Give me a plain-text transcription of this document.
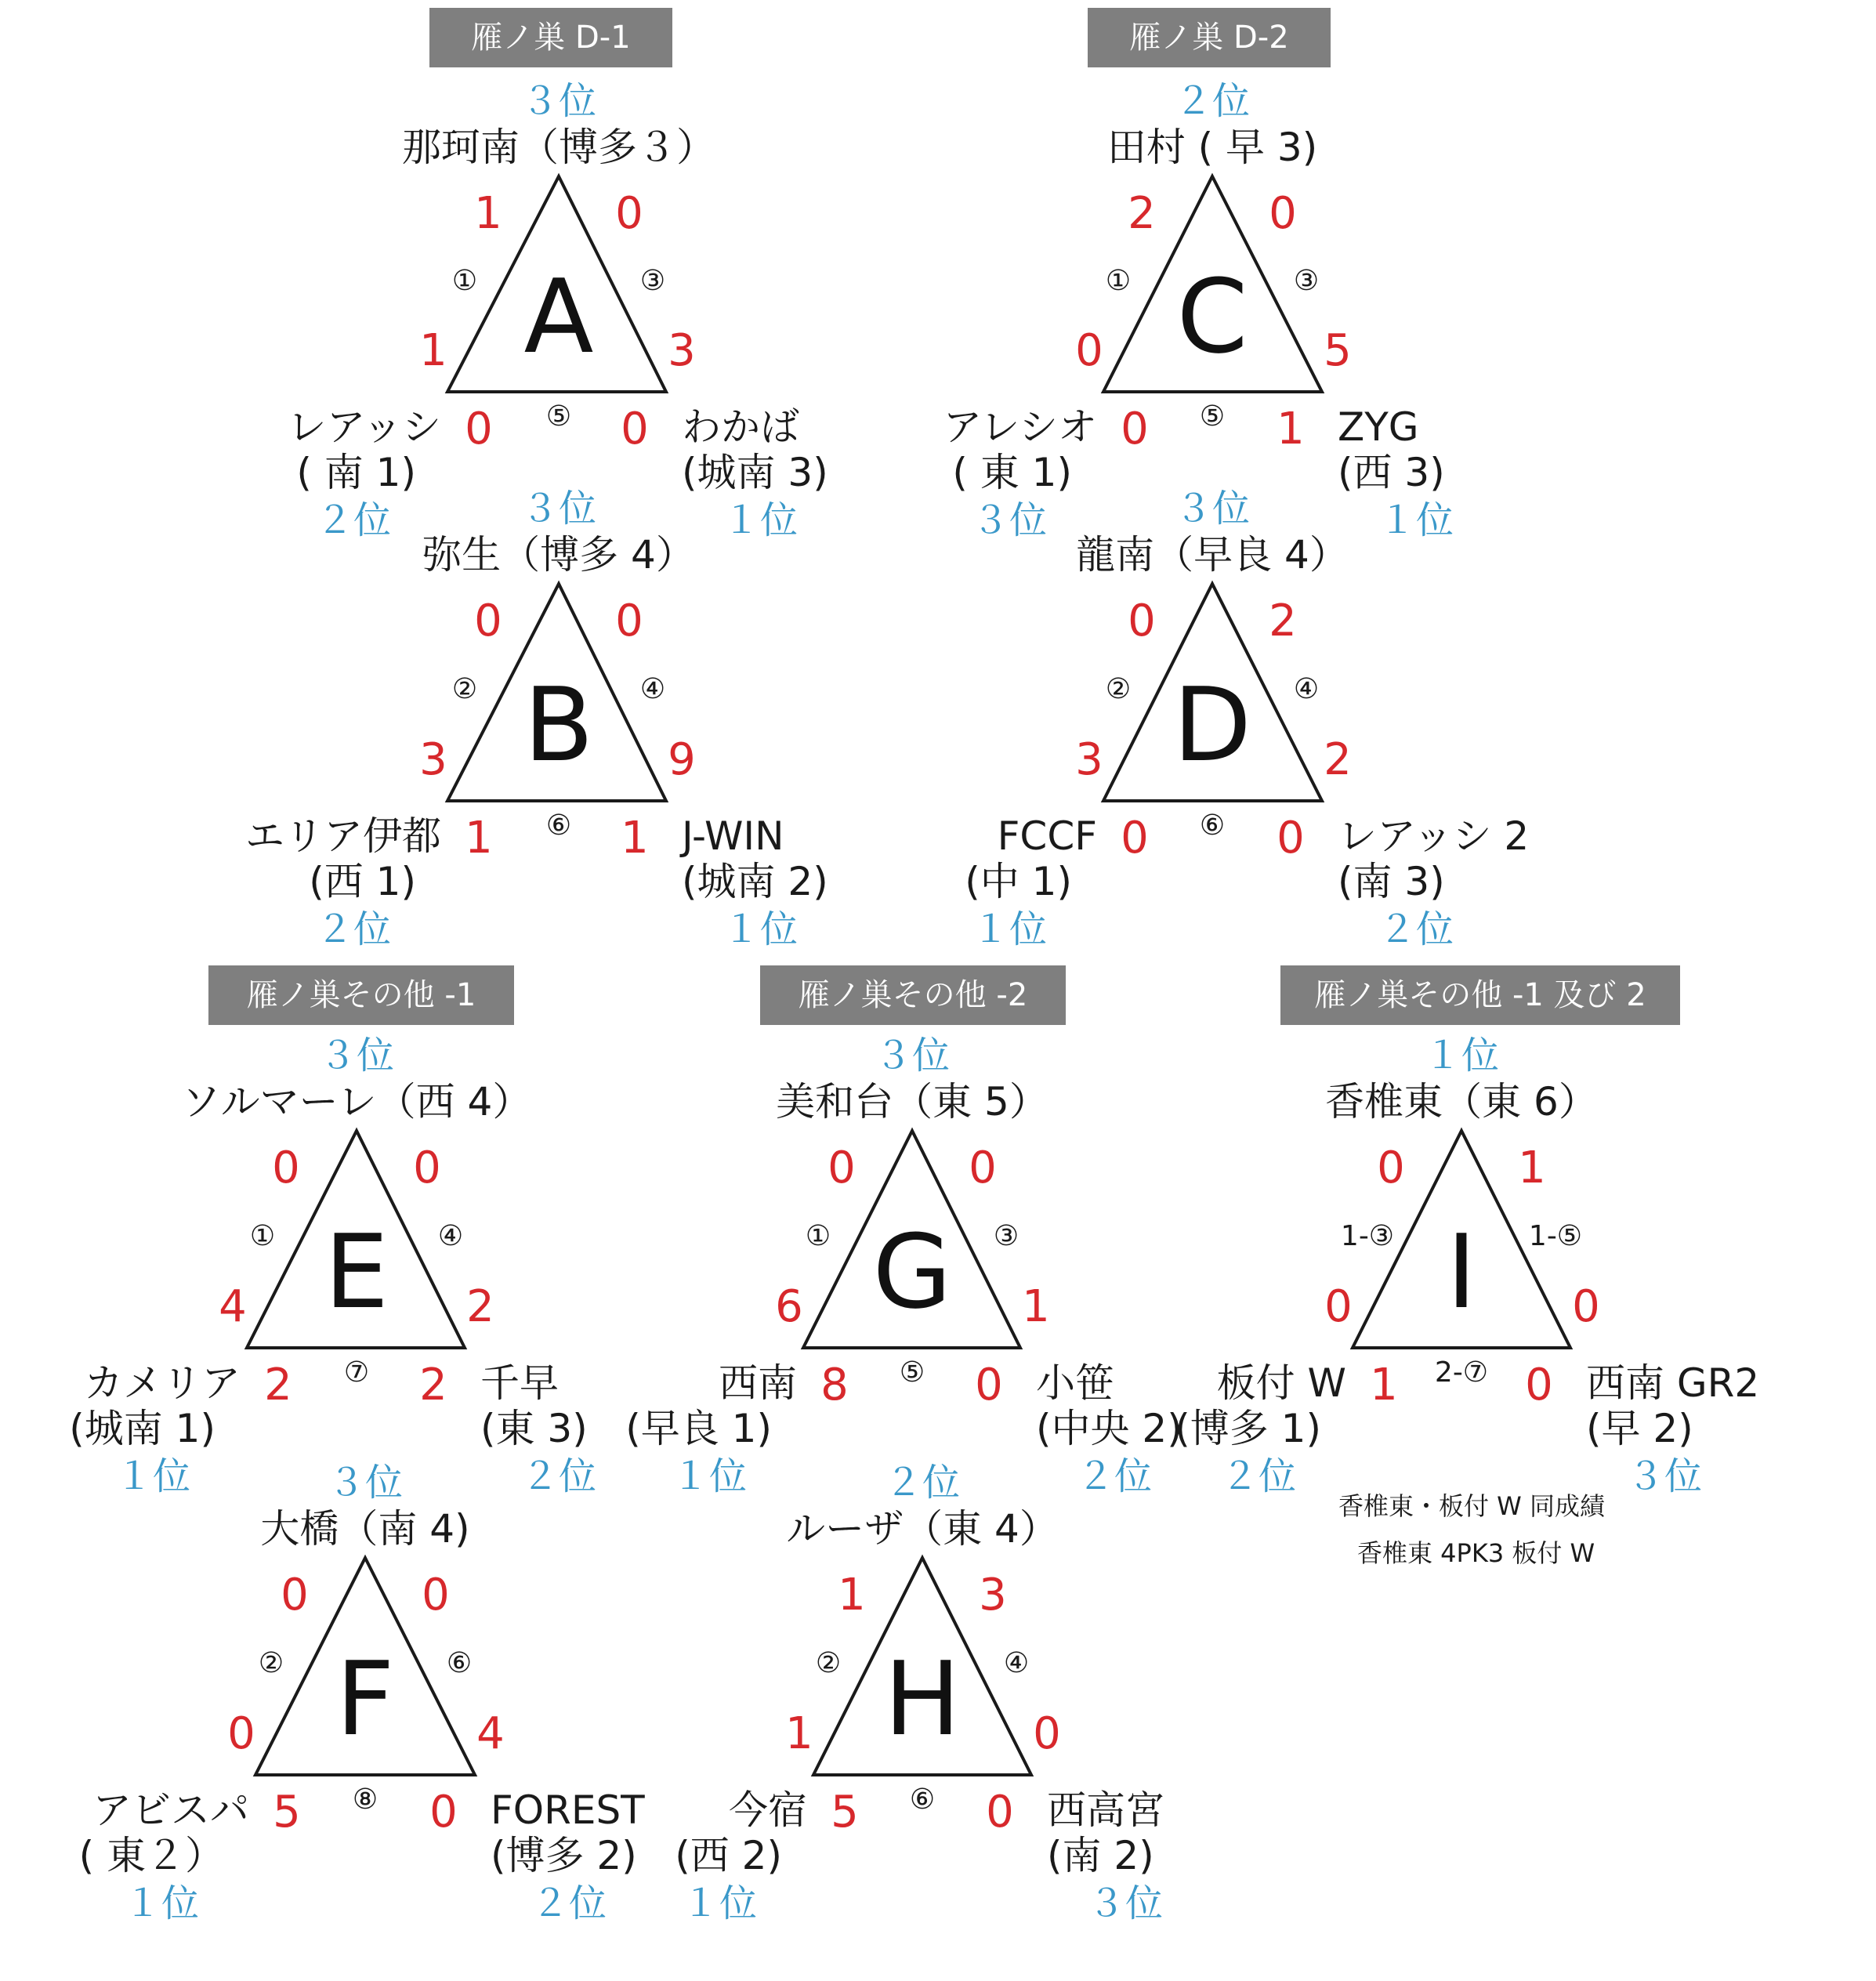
雁ノ巣 D-1	雁ノ巣 D-2
雁ノ巣その他 -1	雁ノ巣その他 -2	雁ノ巣その他 -1 及び 2
香椎東・板付 W 同成績
香椎東 4PK3 板付 W
A
３位
那珂南（博多３）
レアッシ
( 南 1)
２位
わかば
(城南 3)
１位
1	0
1	3
0	0
①	③
⑤
B
３位
弥生（博多 4）
エリア伊都
(西 1)
２位
J-WIN
(城南 2)
１位
0	0
3	9
1	1
②	④
⑥
C
２位
田村 ( 早 3)
アレシオ
( 東 1)
３位
ZYG
(西 3)
１位
2	0
0	5
0	1
①	③
⑤
D
３位
龍南（早良 4）
FCCF
(中 1)
１位
レアッシ 2
(南 3)
２位
0	2
3	2
0	0
②	④
⑥
E
３位
ソルマーレ（西 4）
カメリア
(城南 1)
１位
千早
(東 3)
２位
0	0
4	2
2	2
①	④
⑦
F
３位
大橋（南 4)
アビスパ
( 東２）
１位
FOREST
(博多 2)
２位
0	0
0	4
5	0
②	⑥
⑧
G
３位
美和台（東 5）
西南
(早良 1)
１位
小笹
(中央 2)
２位
0	0
6	1
8	0
①	③
⑤
H
２位
ルーザ（東 4）
今宿
(西 2)
１位
西高宮
(南 2)
３位
1	3
1	0
5	0
②	④
⑥
I
１位
香椎東（東 6）
板付 W
(博多 1)
２位
西南 GR2
(早 2)
３位
0	1
0	0
1	0
1-③	1-⑤
2-⑦
